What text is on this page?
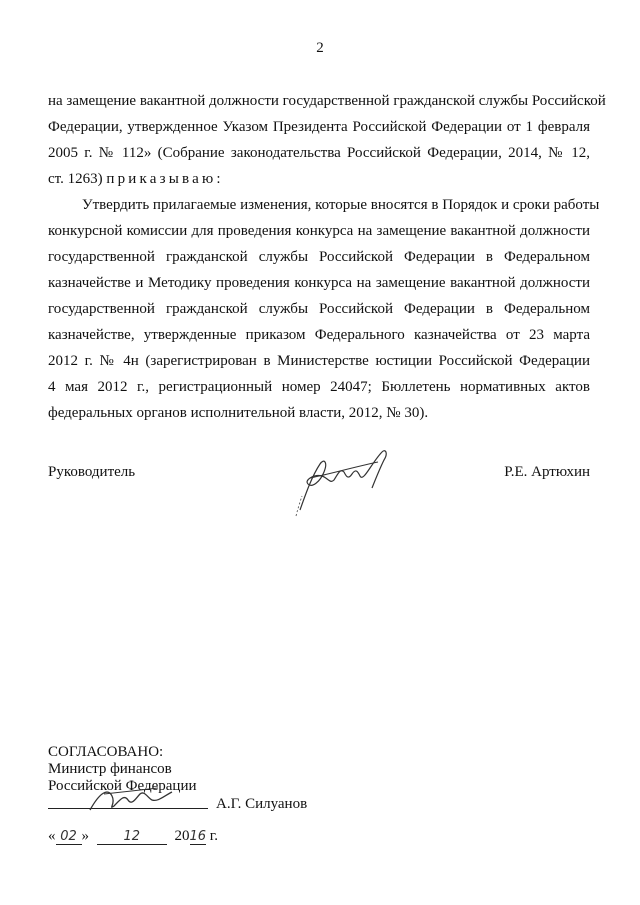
2
на замещение вакантной должности государственной гражданской службы Российской
Федерации, утвержденное Указом Президента Российской Федерации от 1 февраля
2005 г. № 112» (Собрание законодательства Российской Федерации, 2014, № 12,
ст. 1263) приказываю:
Утвердить прилагаемые изменения, которые вносятся в Порядок и сроки работы
конкурсной комиссии для проведения конкурса на замещение вакантной должности
государственной гражданской службы Российской Федерации в Федеральном
казначействе и Методику проведения конкурса на замещение вакантной должности
государственной гражданской службы Российской Федерации в Федеральном
казначействе, утвержденные приказом Федерального казначейства от 23 марта
2012 г. № 4н (зарегистрирован в Министерстве юстиции Российской Федерации
4 мая 2012 г., регистрационный номер 24047; Бюллетень нормативных актов
федеральных органов исполнительной власти, 2012, № 30).
Руководитель	Р.Е. Артюхин
СОГЛАСОВАНО:
Министр финансов
Российской Федерации
А.Г. Силуанов
« 02 »	12 2016 г.
